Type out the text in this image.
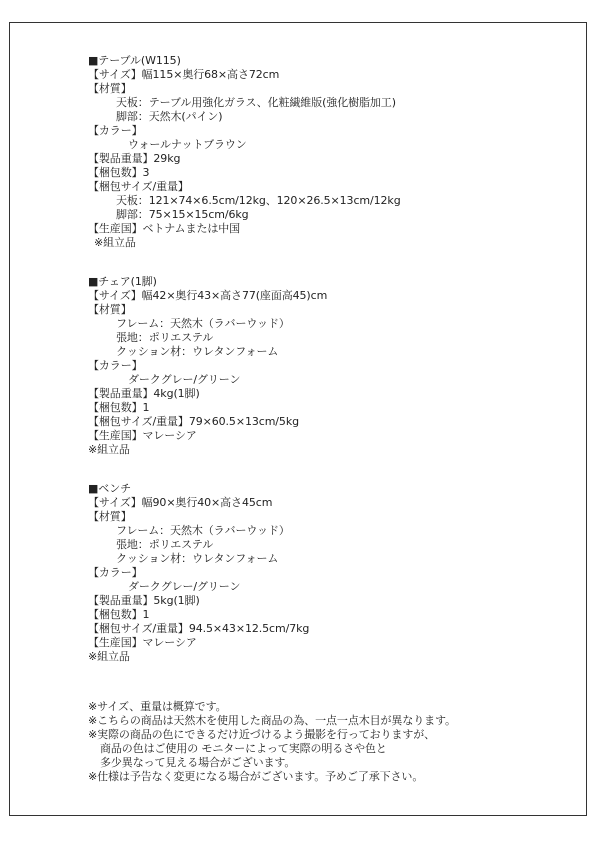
■テーブル(W115)
【サイズ】幅115×奥行68×高さ72cm
【材質】
天板：テーブル用強化ガラス、化粧繊維版(強化樹脂加工)
脚部：天然木(パイン)
【カラー】
ウォールナットブラウン
【製品重量】29kg
【梱包数】3
【梱包サイズ/重量】
天板：121×74×6.5cm/12kg、120×26.5×13cm/12kg
脚部：75×15×15cm/6kg
【生産国】ベトナムまたは中国
※組立品
■チェア(1脚)
【サイズ】幅42×奥行43×高さ77(座面高45)cm
【材質】
フレーム：天然木（ラバーウッド）
張地：ポリエステル
クッション材：ウレタンフォーム
【カラー】
ダークグレー/グリーン
【製品重量】4kg(1脚)
【梱包数】1
【梱包サイズ/重量】79×60.5×13cm/5kg
【生産国】マレーシア
※組立品
■ベンチ
【サイズ】幅90×奥行40×高さ45cm
【材質】
フレーム：天然木（ラバーウッド）
張地：ポリエステル
クッション材：ウレタンフォーム
【カラー】
ダークグレー/グリーン
【製品重量】5kg(1脚)
【梱包数】1
【梱包サイズ/重量】94.5×43×12.5cm/7kg
【生産国】マレーシア
※組立品
※サイズ、重量は概算です。
※こちらの商品は天然木を使用した商品の為、一点一点木目が異なります。
※実際の商品の色にできるだけ近づけるよう撮影を行っておりますが、
商品の色はご使用の モニターによって実際の明るさや色と
多少異なって見える場合がございます。
※仕様は予告なく変更になる場合がございます。予めご了承下さい。
